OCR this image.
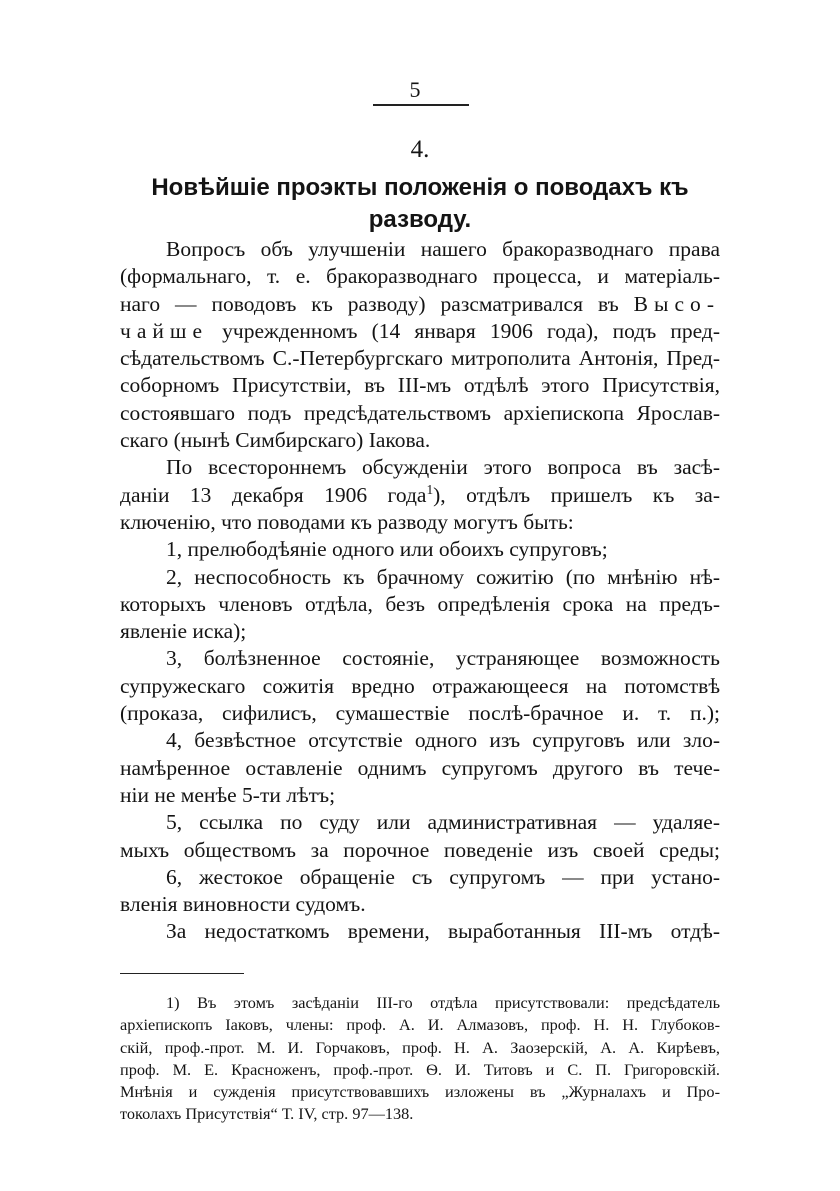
5
4.
Новѣйшіе проэкты положенія о поводахъ къ
разводу.
Вопросъ объ улучшеніи нашего бракоразводнаго права
(формальнаго, т. е. бракоразводнаго процесса, и матеріаль-
наго — поводовъ къ разводу) разсматривался въ Высо-
чайше учрежденномъ (14 января 1906 года), подъ пред-
сѣдательствомъ С.-Петербургскаго митрополита Антонія, Пред-
соборномъ Присутствіи, въ III-мъ отдѣлѣ этого Присутствія,
состоявшаго подъ предсѣдательствомъ архіепископа Ярослав-
скаго (нынѣ Симбирскаго) Іакова.
По всестороннемъ обсужденіи этого вопроса въ засѣ-
даніи 13 декабря 1906 года$^1$), отдѣлъ пришелъ къ за-
ключенію, что поводами къ разводу могутъ быть:
1, прелюбодѣяніе одного или обоихъ супруговъ;
2, неспособность къ брачному сожитію (по мнѣнію нѣ-
которыхъ членовъ отдѣла, безъ опредѣленія срока на предъ-
явленіе иска);
3, болѣзненное состояніе, устраняющее возможность
супружескаго сожитія вредно отражающееся на потомствѣ
(проказа, сифилисъ, сумашествіе послѣ-брачное и. т. п.);
4, безвѣстное отсутствіе одного изъ супруговъ или зло-
намѣренное оставленіе однимъ супругомъ другого въ тече-
ніи не менѣе 5-ти лѣтъ;
5, ссылка по суду или административная — удаляе-
мыхъ обществомъ за порочное поведеніе изъ своей среды;
6, жестокое обращеніе съ супругомъ — при устано-
вленія виновности судомъ.
За недостаткомъ времени, выработанныя III-мъ отдѣ-
1) Въ этомъ засѣданіи III-го отдѣла присутствовали: предсѣдатель
архіепископъ Іаковъ, члены: проф. А. И. Алмазовъ, проф. Н. Н. Глубоков-
скій, проф.-прот. М. И. Горчаковъ, проф. Н. А. Заозерскій, А. А. Кирѣевъ,
проф. М. Е. Красноженъ, проф.-прот. Ѳ. И. Титовъ и С. П. Григоровскій.
Мнѣнія и сужденія присутствовавшихъ изложены въ „Журналахъ и Про-
токолахъ Присутствія“ Т. IV, стр. 97—138.
